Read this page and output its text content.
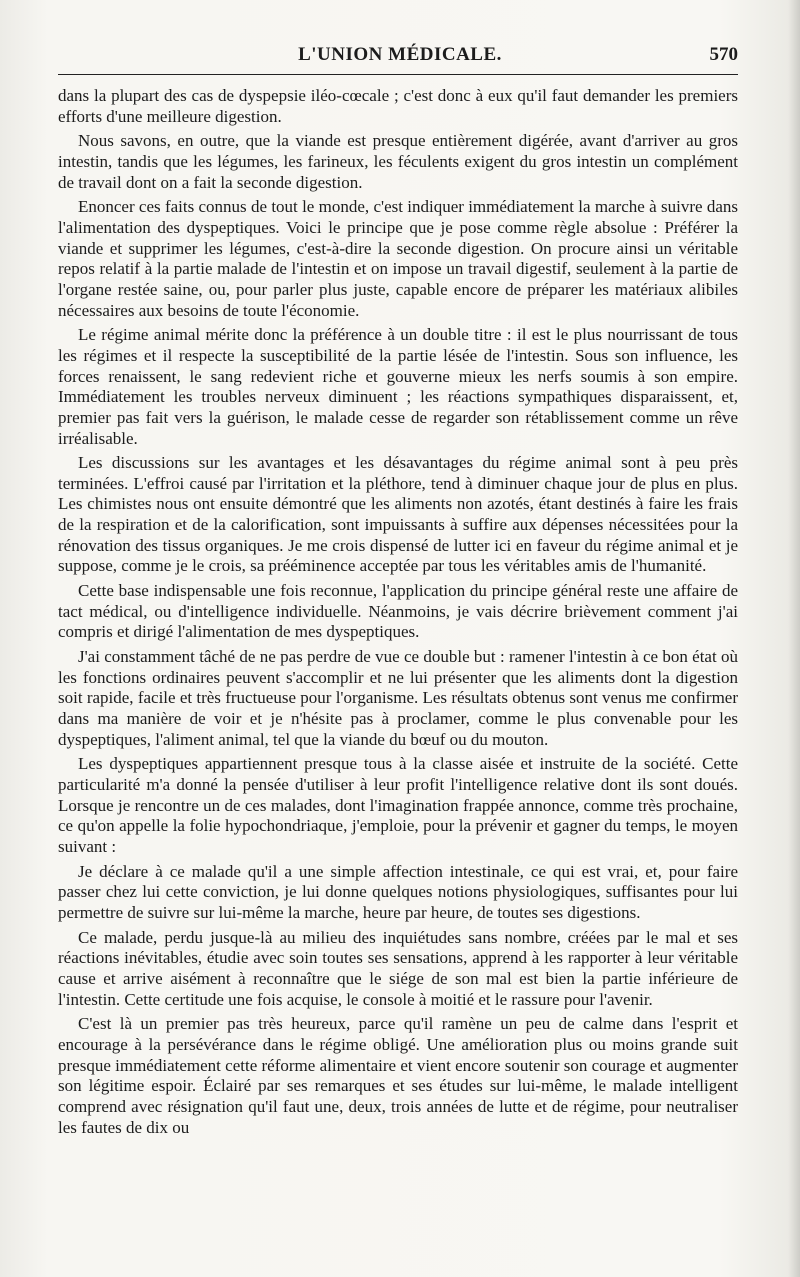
L'UNION MÉDICALE.	570

dans la plupart des cas de dyspepsie iléo-cœcale ; c'est donc à eux qu'il faut demander les premiers efforts d'une meilleure digestion.

Nous savons, en outre, que la viande est presque entièrement digérée, avant d'arriver au gros intestin, tandis que les légumes, les farineux, les féculents exigent du gros intestin un complément de travail dont on a fait la seconde digestion.

Enoncer ces faits connus de tout le monde, c'est indiquer immédiatement la marche à suivre dans l'alimentation des dyspeptiques. Voici le principe que je pose comme règle absolue : Préférer la viande et supprimer les légumes, c'est-à-dire la seconde digestion. On procure ainsi un véritable repos relatif à la partie malade de l'intestin et on impose un travail digestif, seulement à la partie de l'organe restée saine, ou, pour parler plus juste, capable encore de préparer les matériaux alibiles nécessaires aux besoins de toute l'économie.

Le régime animal mérite donc la préférence à un double titre : il est le plus nourrissant de tous les régimes et il respecte la susceptibilité de la partie lésée de l'intestin. Sous son influence, les forces renaissent, le sang redevient riche et gouverne mieux les nerfs soumis à son empire. Immédiatement les troubles nerveux diminuent ; les réactions sympathiques disparaissent, et, premier pas fait vers la guérison, le malade cesse de regarder son rétablissement comme un rêve irréalisable.

Les discussions sur les avantages et les désavantages du régime animal sont à peu près terminées. L'effroi causé par l'irritation et la pléthore, tend à diminuer chaque jour de plus en plus. Les chimistes nous ont ensuite démontré que les aliments non azotés, étant destinés à faire les frais de la respiration et de la calorification, sont impuissants à suffire aux dépenses nécessitées pour la rénovation des tissus organiques. Je me crois dispensé de lutter ici en faveur du régime animal et je suppose, comme je le crois, sa prééminence acceptée par tous les véritables amis de l'humanité.

Cette base indispensable une fois reconnue, l'application du principe général reste une affaire de tact médical, ou d'intelligence individuelle. Néanmoins, je vais décrire brièvement comment j'ai compris et dirigé l'alimentation de mes dyspeptiques.

J'ai constamment tâché de ne pas perdre de vue ce double but : ramener l'intestin à ce bon état où les fonctions ordinaires peuvent s'accomplir et ne lui présenter que les aliments dont la digestion soit rapide, facile et très fructueuse pour l'organisme. Les résultats obtenus sont venus me confirmer dans ma manière de voir et je n'hésite pas à proclamer, comme le plus convenable pour les dyspeptiques, l'aliment animal, tel que la viande du bœuf ou du mouton.

Les dyspeptiques appartiennent presque tous à la classe aisée et instruite de la société. Cette particularité m'a donné la pensée d'utiliser à leur profit l'intelligence relative dont ils sont doués. Lorsque je rencontre un de ces malades, dont l'imagination frappée annonce, comme très prochaine, ce qu'on appelle la folie hypochondriaque, j'emploie, pour la prévenir et gagner du temps, le moyen suivant :

Je déclare à ce malade qu'il a une simple affection intestinale, ce qui est vrai, et, pour faire passer chez lui cette conviction, je lui donne quelques notions physiologiques, suffisantes pour lui permettre de suivre sur lui-même la marche, heure par heure, de toutes ses digestions.

Ce malade, perdu jusque-là au milieu des inquiétudes sans nombre, créées par le mal et ses réactions inévitables, étudie avec soin toutes ses sensations, apprend à les rapporter à leur véritable cause et arrive aisément à reconnaître que le siége de son mal est bien la partie inférieure de l'intestin. Cette certitude une fois acquise, le console à moitié et le rassure pour l'avenir.

C'est là un premier pas très heureux, parce qu'il ramène un peu de calme dans l'esprit et encourage à la persévérance dans le régime obligé. Une amélioration plus ou moins grande suit presque immédiatement cette réforme alimentaire et vient encore soutenir son courage et augmenter son légitime espoir. Éclairé par ses remarques et ses études sur lui-même, le malade intelligent comprend avec résignation qu'il faut une, deux, trois années de lutte et de régime, pour neutraliser les fautes de dix ou
